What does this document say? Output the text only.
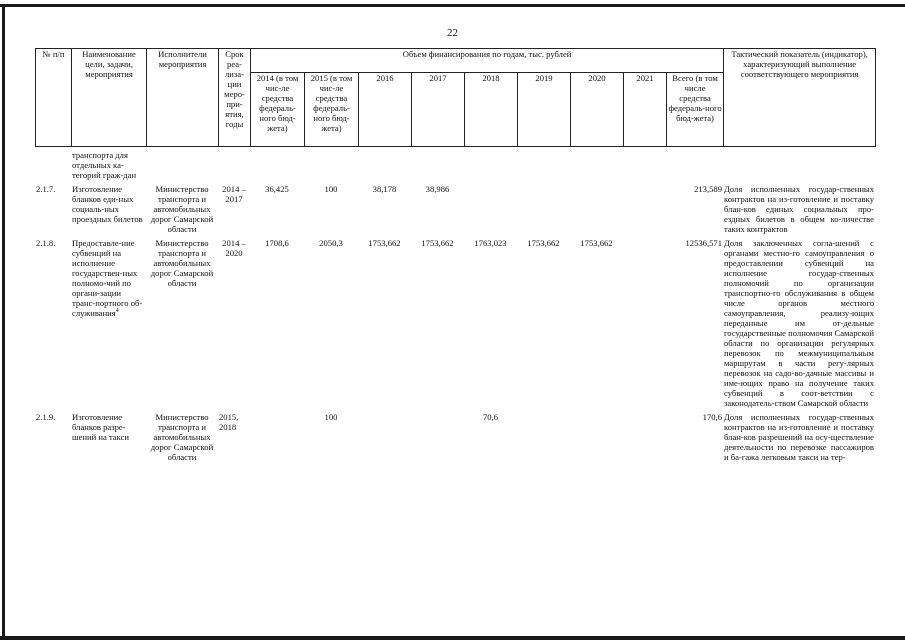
22
№ п/п	Наименование цели, задачи, мероприятия	Исполнители мероприятия	Срок реа-лиза-ции меро-при-ятия, годы	Объем финансирования по годам, тыс. рублей									Тактический показатель (индикатор), характеризующий выполнение соответствующего мероприятия
				2014 (в том чис-ле средства федераль-ного бюд-жета)	2015 (в том чис-ле средства федераль-ного бюд-жета)	2016	2017	2018	2019	2020	2021	Всего (в том числе средства федераль-ного бюд-жета)	
	транспорта для отдельных ка-тегорий граж-дан												

2.1.7.	Изготовление бланков еди-ных социаль-ных проездных билетов	Министерство транспорта и автомобильных дорог Самарской области	2014 – 2017	36,425	100	38,178	38,986					213,589	Доля исполненных государ-ственных контрактов на из-готовление и поставку блан-ков единых социальных про-ездных билетов в общем ко-личестве таких контрактов

2.1.8.	Предоставле-ние субвенций на исполнение государствен-ных полномо-чий по органи-зации транс-портного об-служивания$^4$	Министерство транспорта и автомобильных дорог Самарской области	2014 – 2020	1708,6	2050,3	1753,662	1753,662	1763,023	1753,662	1753,662		12536,571	Доля заключенных согла-шений с органами местно-го самоуправления о предоставлении субвенций на исполнение государ-ственных полномочий по организации транспортно-го обслуживания в общем числе органов местного самоуправления, реализу-ющих переданные им от-дельные государственные полномочия Самарской области по организации регулярных перевозок по межмуниципальным маршрутам в части регу-лярных перевозок на садо-во-дачные массивы и име-ющих право на получение таких субвенций в соот-ветствии с законодатель-ством Самарской области

2.1.9.	Изготовление бланков разре-шений на такси	Министерство транспорта и автомобильных дорог Самарской области	2015, 2018		100			70,6				170,6	Доля исполненных государ-ственных контрактов на из-готовление и поставку блан-ков разрешений на осу-ществление деятельности по перевозке пассажиров и ба-гажа легковым такси на тер-
